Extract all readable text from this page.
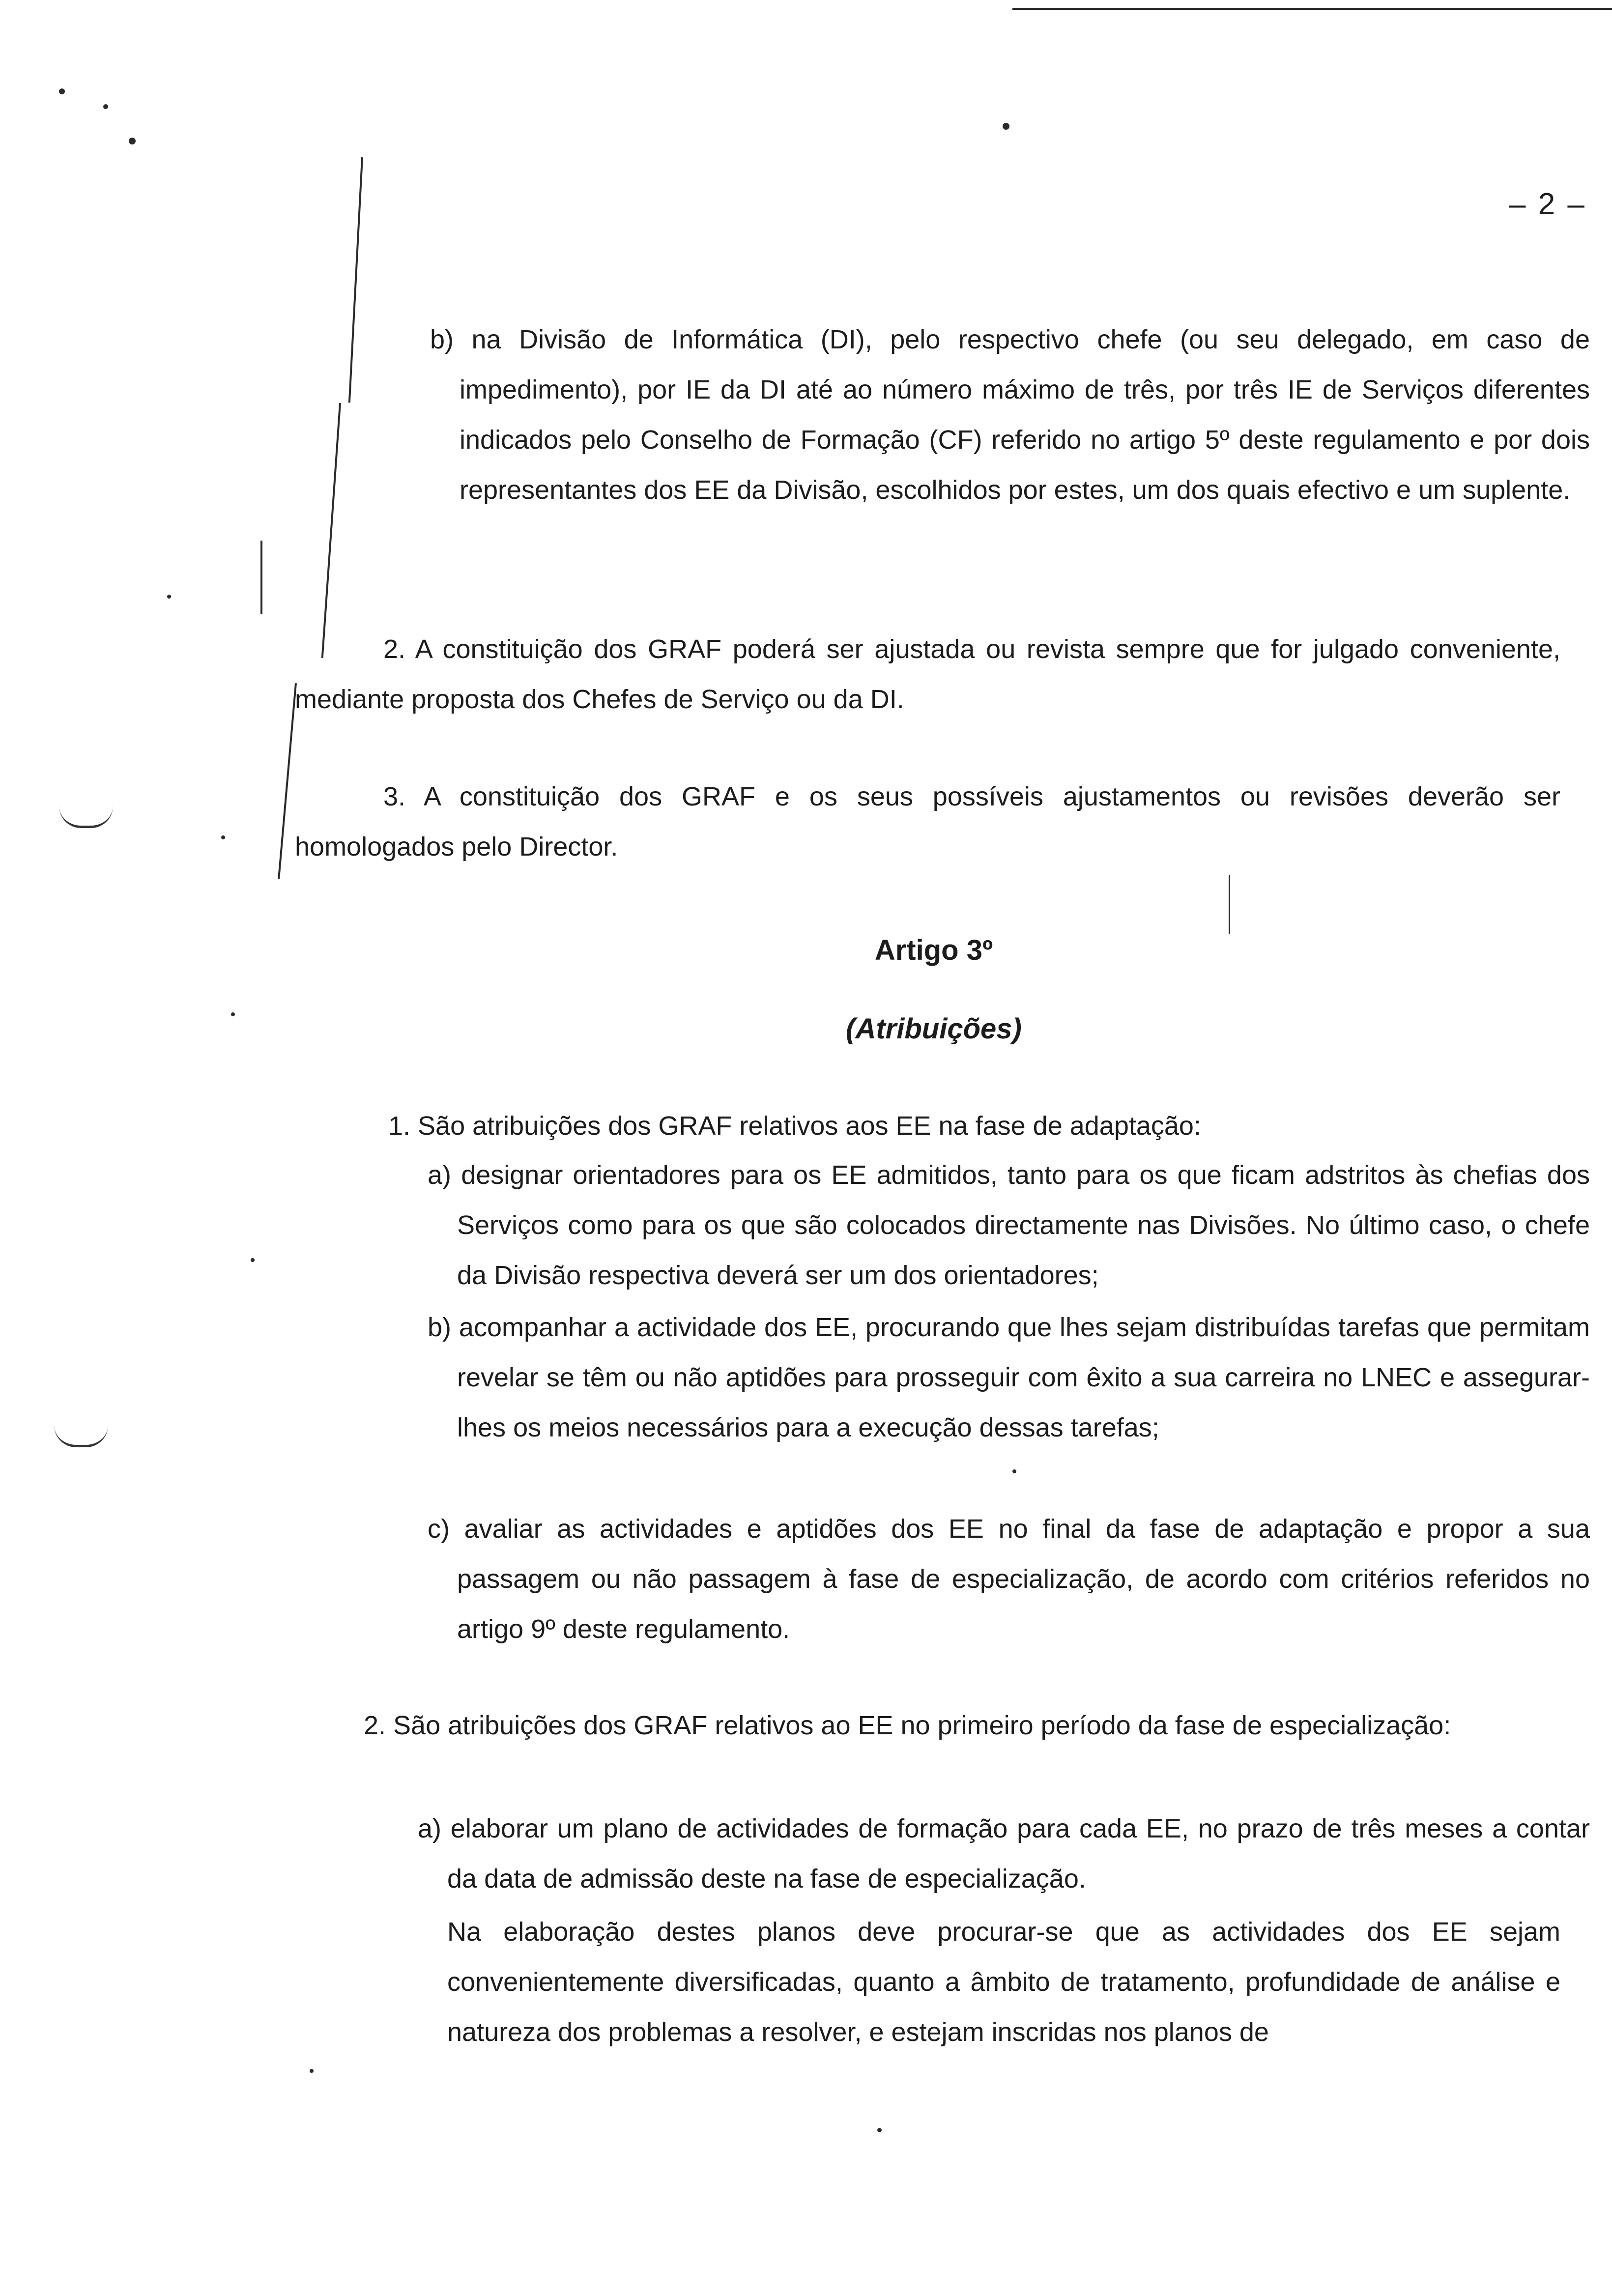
– 2 –

b) na Divisão de Informática (DI), pelo respectivo chefe (ou seu delegado, em caso de impedimento), por IE da DI até ao número máximo de três, por três IE de Serviços diferentes indicados pelo Conselho de Formação (CF) referido no artigo 5º deste regulamento e por dois representantes dos EE da Divisão, escolhidos por estes, um dos quais efectivo e um suplente.

2. A constituição dos GRAF poderá ser ajustada ou revista sempre que for julgado conveniente, mediante proposta dos Chefes de Serviço ou da DI.

3. A constituição dos GRAF e os seus possíveis ajustamentos ou revisões deverão ser homologados pelo Director.

Artigo 3º
(Atribuições)

1. São atribuições dos GRAF relativos aos EE na fase de adaptação:

a) designar orientadores para os EE admitidos, tanto para os que ficam adstritos às chefias dos Serviços como para os que são colocados directamente nas Divisões. No último caso, o chefe da Divisão respectiva deverá ser um dos orientadores;

b) acompanhar a actividade dos EE, procurando que lhes sejam distribuídas tarefas que permitam revelar se têm ou não aptidões para prosseguir com êxito a sua carreira no LNEC e assegurar-lhes os meios necessários para a execução dessas tarefas;

c) avaliar as actividades e aptidões dos EE no final da fase de adaptação e propor a sua passagem ou não passagem à fase de especialização, de acordo com critérios referidos no artigo 9º deste regulamento.

2. São atribuições dos GRAF relativos ao EE no primeiro período da fase de especialização:

a) elaborar um plano de actividades de formação para cada EE, no prazo de três meses a contar da data de admissão deste na fase de especialização.

Na elaboração destes planos deve procurar-se que as actividades dos EE sejam convenientemente diversificadas, quanto a âmbito de tratamento, profundidade de análise e natureza dos problemas a resolver, e estejam inscridas nos planos de
